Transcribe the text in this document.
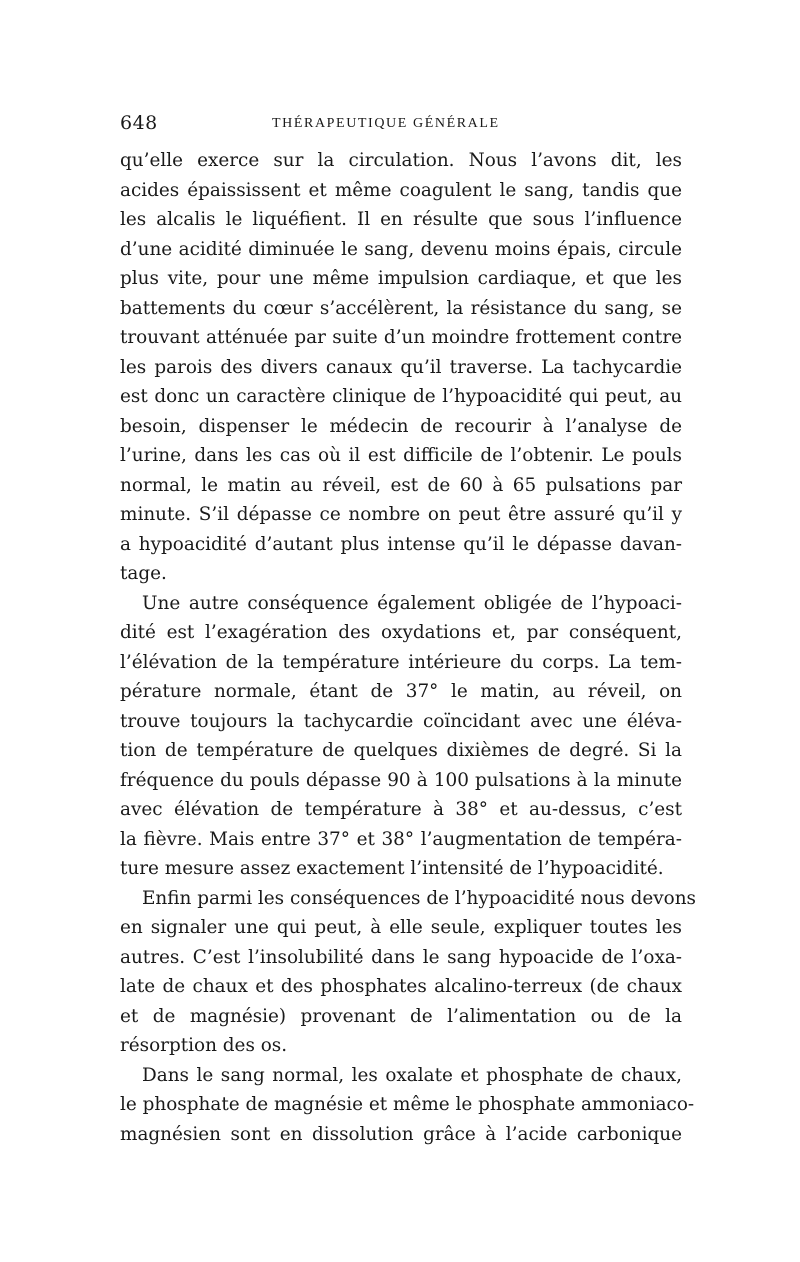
648	THÉRAPEUTIQUE GÉNÉRALE
qu’elle exerce sur la circulation. Nous l’avons dit, les
acides épaississent et même coagulent le sang, tandis que
les alcalis le liquéfient. Il en résulte que sous l’influence
d’une acidité diminuée le sang, devenu moins épais, circule
plus vite, pour une même impulsion cardiaque, et que les
battements du cœur s’accélèrent, la résistance du sang, se
trouvant atténuée par suite d’un moindre frottement contre
les parois des divers canaux qu’il traverse. La tachycardie
est donc un caractère clinique de l’hypoacidité qui peut, au
besoin, dispenser le médecin de recourir à l’analyse de
l’urine, dans les cas où il est difficile de l’obtenir. Le pouls
normal, le matin au réveil, est de 60 à 65 pulsations par
minute. S’il dépasse ce nombre on peut être assuré qu’il y
a hypoacidité d’autant plus intense qu’il le dépasse davan-
tage.
Une autre conséquence également obligée de l’hypoaci-
dité est l’exagération des oxydations et, par conséquent,
l’élévation de la température intérieure du corps. La tem-
pérature normale, étant de 37° le matin, au réveil, on
trouve toujours la tachycardie coïncidant avec une éléva-
tion de température de quelques dixièmes de degré. Si la
fréquence du pouls dépasse 90 à 100 pulsations à la minute
avec élévation de température à 38° et au-dessus, c’est
la fièvre. Mais entre 37° et 38° l’augmentation de tempéra-
ture mesure assez exactement l’intensité de l’hypoacidité.
Enfin parmi les conséquences de l’hypoacidité nous devons
en signaler une qui peut, à elle seule, expliquer toutes les
autres. C’est l’insolubilité dans le sang hypoacide de l’oxa-
late de chaux et des phosphates alcalino-terreux (de chaux
et de magnésie) provenant de l’alimentation ou de la
résorption des os.
Dans le sang normal, les oxalate et phosphate de chaux,
le phosphate de magnésie et même le phosphate ammoniaco-
magnésien sont en dissolution grâce à l’acide carbonique
